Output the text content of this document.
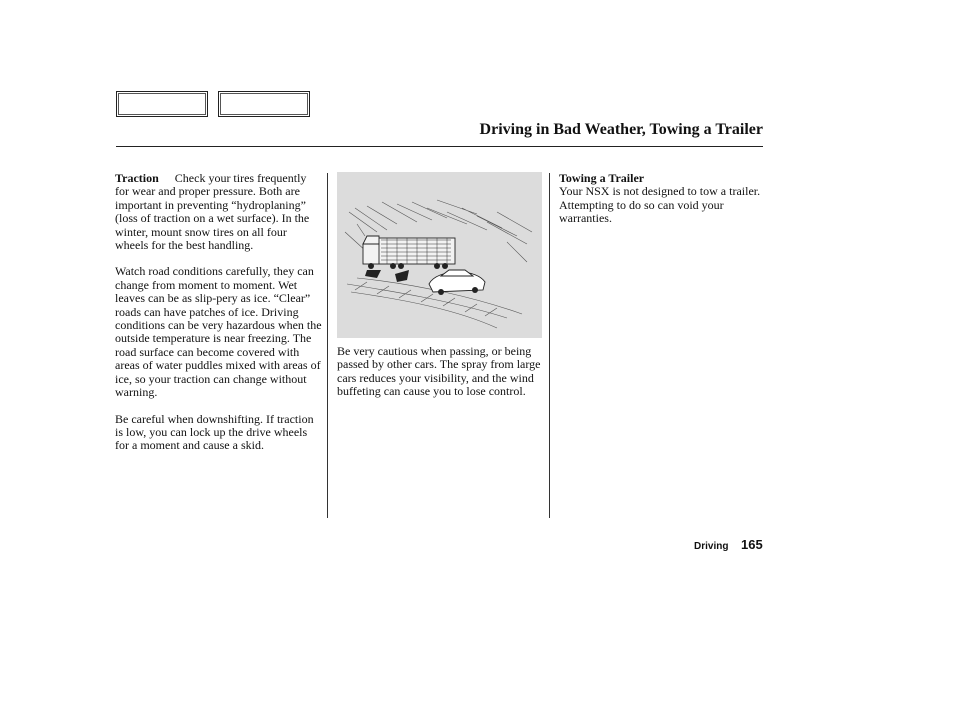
Driving in Bad Weather, Towing a Trailer

Traction Check your tires frequently for wear and proper pressure. Both are important in preventing “hydroplaning” (loss of traction on a wet surface). In the winter, mount snow tires on all four wheels for the best handling.

Watch road conditions carefully, they can change from moment to moment. Wet leaves can be as slip-pery as ice. “Clear” roads can have patches of ice. Driving conditions can be very hazardous when the outside temperature is near freezing. The road surface can become covered with areas of water puddles mixed with areas of ice, so your traction can change without warning.

Be careful when downshifting. If traction is low, you can lock up the drive wheels for a moment and cause a skid.

Be very cautious when passing, or being passed by other cars. The spray from large cars reduces your visibility, and the wind buffeting can cause you to lose control.

Towing a Trailer

Your NSX is not designed to tow a trailer. Attempting to do so can void your warranties.

Driving 165
